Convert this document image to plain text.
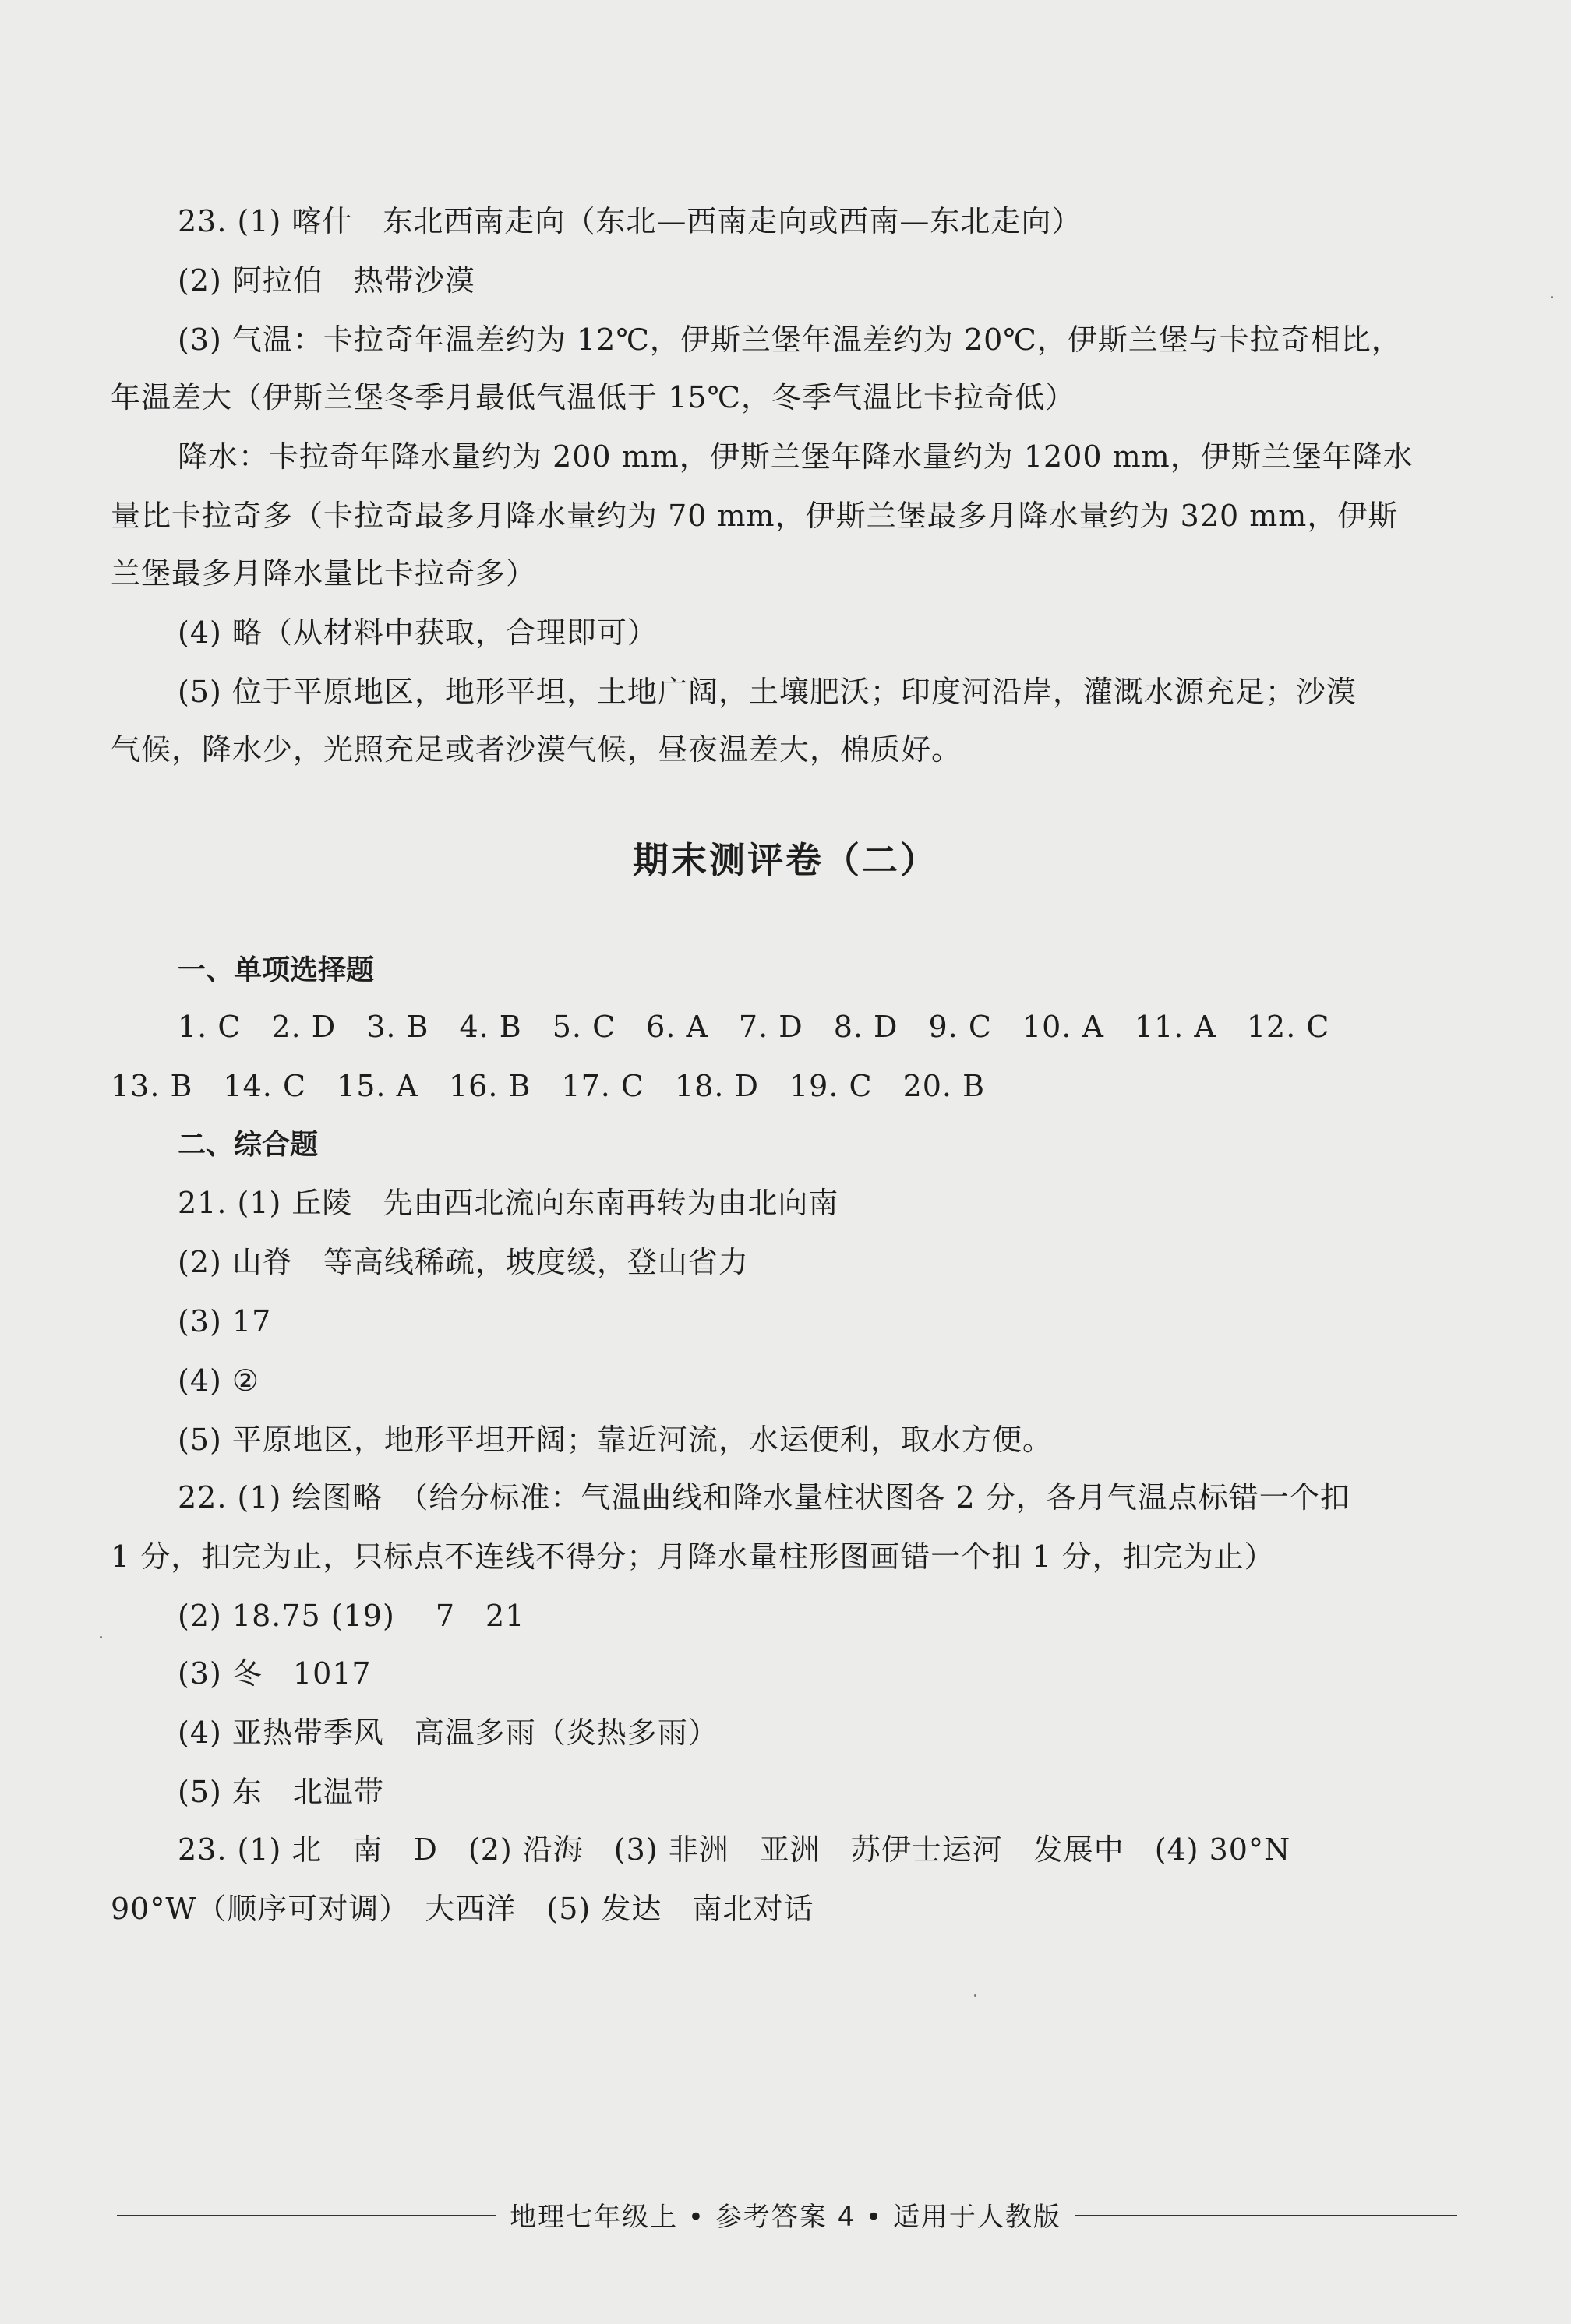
23. (1) 喀什　东北西南走向（东北—西南走向或西南—东北走向）
(2) 阿拉伯　热带沙漠
(3) 气温：卡拉奇年温差约为 12℃，伊斯兰堡年温差约为 20℃，伊斯兰堡与卡拉奇相比，
年温差大（伊斯兰堡冬季月最低气温低于 15℃，冬季气温比卡拉奇低）
降水：卡拉奇年降水量约为 200 mm，伊斯兰堡年降水量约为 1200 mm，伊斯兰堡年降水
量比卡拉奇多（卡拉奇最多月降水量约为 70 mm，伊斯兰堡最多月降水量约为 320 mm，伊斯
兰堡最多月降水量比卡拉奇多）
(4) 略（从材料中获取，合理即可）
(5) 位于平原地区，地形平坦，土地广阔，土壤肥沃；印度河沿岸，灌溉水源充足；沙漠
气候，降水少，光照充足或者沙漠气候，昼夜温差大，棉质好。
期末测评卷（二）
一、单项选择题
1. C　2. D　3. B　4. B　5. C　6. A　7. D　8. D　9. C　10. A　11. A　12. C
13. B　14. C　15. A　16. B　17. C　18. D　19. C　20. B
二、综合题
21. (1) 丘陵　先由西北流向东南再转为由北向南
(2) 山脊　等高线稀疏，坡度缓，登山省力
(3) 17
(4) ②
(5) 平原地区，地形平坦开阔；靠近河流，水运便利，取水方便。
22. (1) 绘图略　（给分标准：气温曲线和降水量柱状图各 2 分，各月气温点标错一个扣
1 分，扣完为止，只标点不连线不得分；月降水量柱形图画错一个扣 1 分，扣完为止）
(2) 18.75 (19)　 7　21
(3) 冬　1017
(4) 亚热带季风　高温多雨（炎热多雨）
(5) 东　北温带
23. (1) 北　南　D　(2) 沿海　(3) 非洲　亚洲　苏伊士运河　发展中　(4) 30°N
90°W（顺序可对调）　大西洋　(5) 发达　南北对话
地理七年级上 • 参考答案 4 • 适用于人教版
